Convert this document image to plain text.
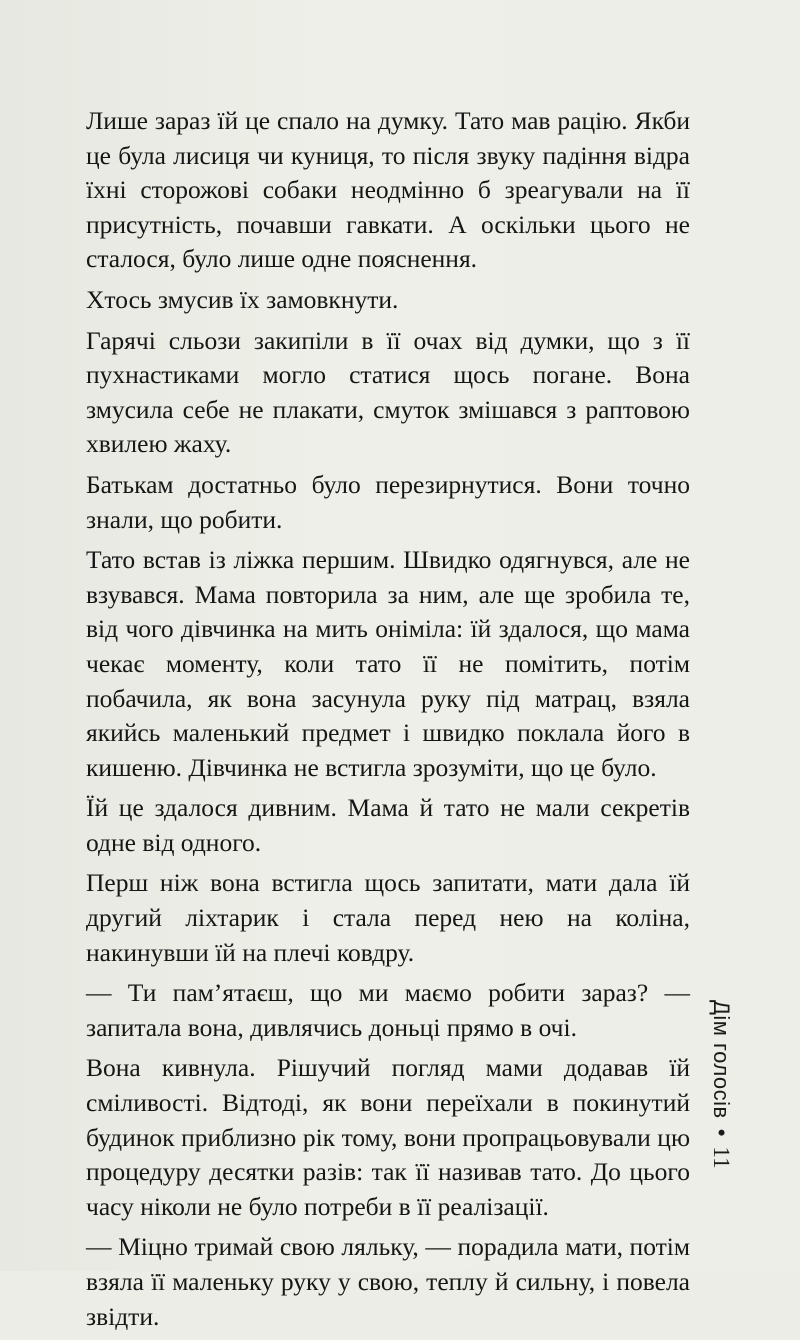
Лише зараз їй це спало на думку. Тато мав рацію. Якби це була лисиця чи куниця, то після звуку падіння відра їхні сторожові собаки неодмінно б зреагували на її присутність, почавши гавкати. А оскільки цього не сталося, було лише одне пояснення.

Хтось змусив їх замовкнути.

Гарячі сльози закипіли в її очах від думки, що з її пухнастиками могло статися щось погане. Вона змусила себе не плакати, смуток змішався з раптовою хвилею жаху.

Батькам достатньо було перезирнутися. Вони точно знали, що робити.

Тато встав із ліжка першим. Швидко одягнувся, але не взувався. Мама повторила за ним, але ще зробила те, від чого дівчинка на мить оніміла: їй здалося, що мама чекає моменту, коли тато її не помітить, потім побачила, як вона засунула руку під матрац, взяла якийсь маленький предмет і швидко поклала його в кишеню. Дівчинка не встигла зрозуміти, що це було.

Їй це здалося дивним. Мама й тато не мали секретів одне від одного.

Перш ніж вона встигла щось запитати, мати дала їй другий ліхтарик і стала перед нею на коліна, накинувши їй на плечі ковдру.

— Ти пам’ятаєш, що ми маємо робити зараз? — запитала вона, дивлячись доньці прямо в очі.

Вона кивнула. Рішучий погляд мами додавав їй сміливості. Відтоді, як вони переїхали в покинутий будинок приблизно рік тому, вони пропрацьовували цю процедуру десятки разів: так її називав тато. До цього часу ніколи не було потреби в її реалізації.

— Міцно тримай свою ляльку, — порадила мати, потім взяла її маленьку руку у свою, теплу й сильну, і повела звідти.

Дім голосів•11
